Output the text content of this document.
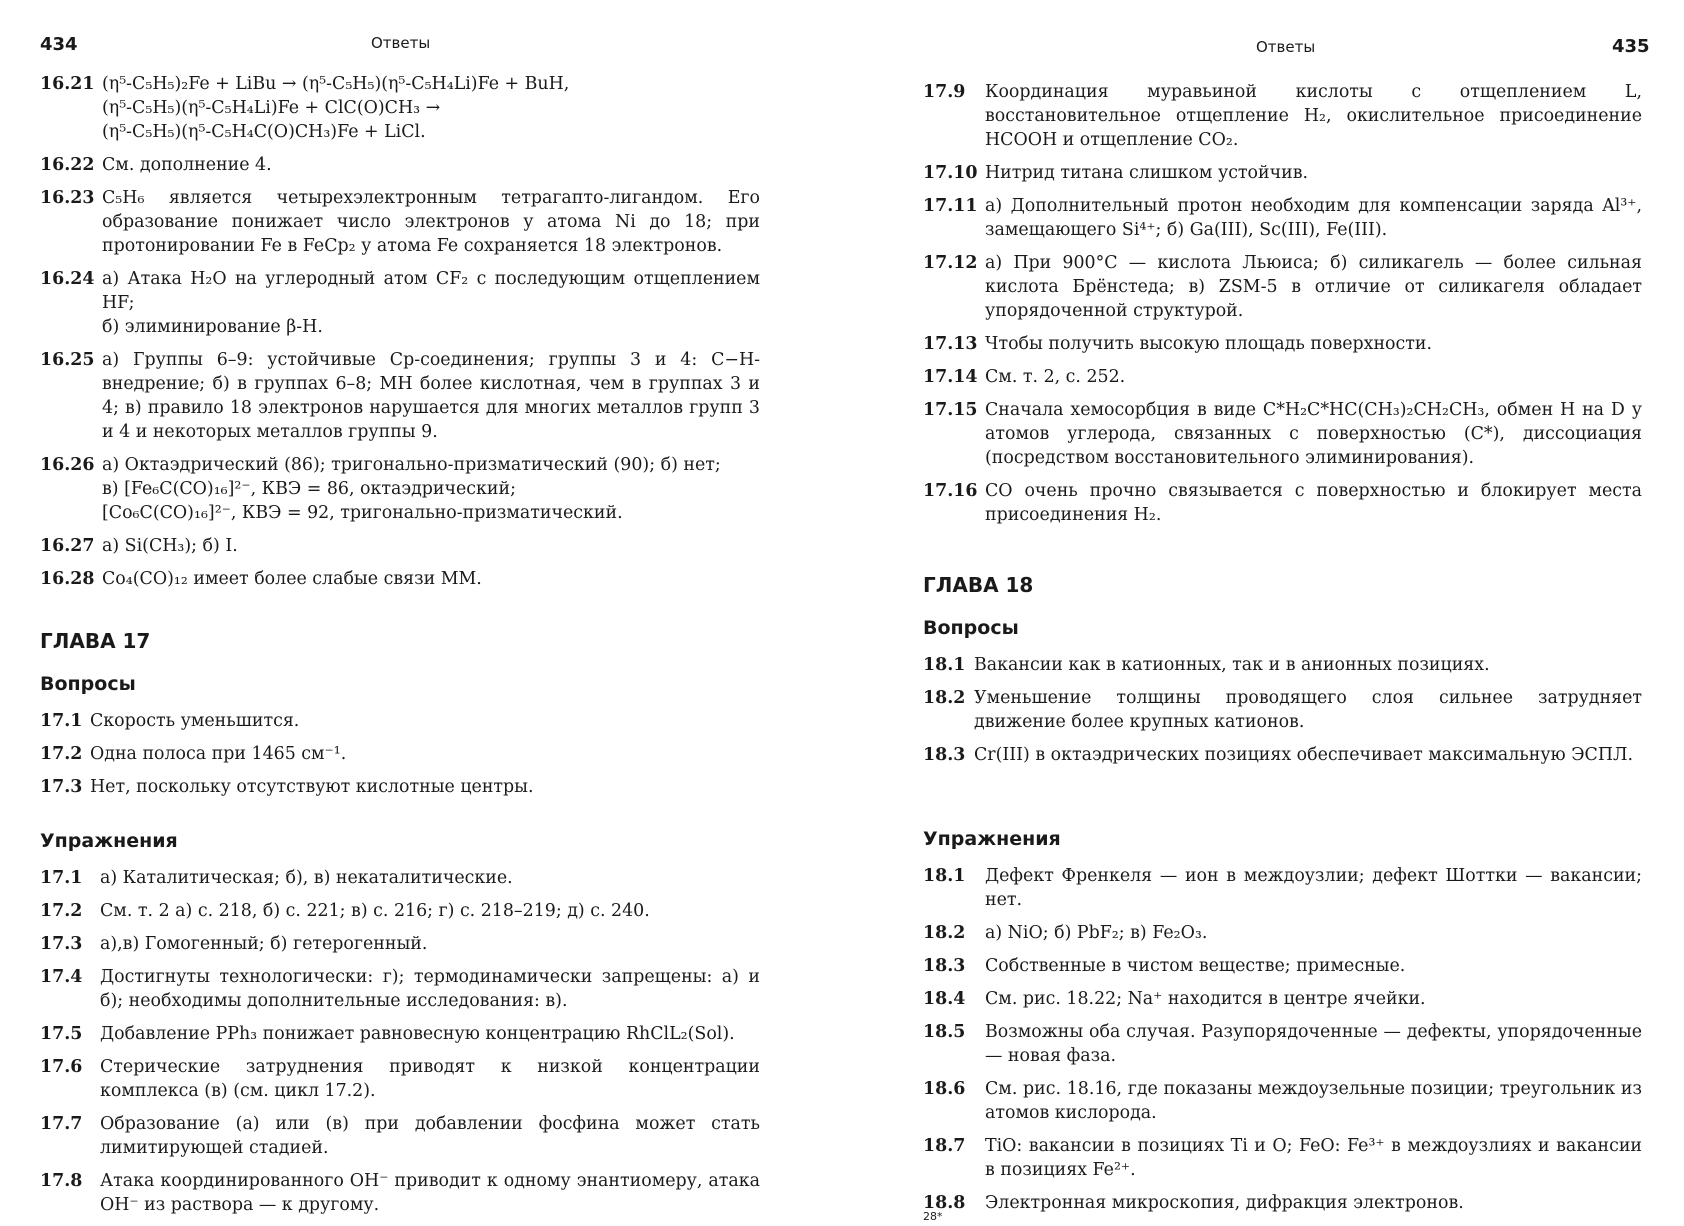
434	Ответы
16.21 (η⁵-C₅H₅)₂Fe + LiBu → (η⁵-C₅H₅)(η⁵-C₅H₄Li)Fe + BuH,
(η⁵-C₅H₅)(η⁵-C₅H₄Li)Fe + ClC(O)CH₃ →
(η⁵-C₅H₅)(η⁵-C₅H₄C(O)CH₃)Fe + LiCl.
16.22 См. дополнение 4.
16.23 C₅H₆ является четырехэлектронным тетрагапто-лигандом. Его образование понижает число электронов у атома Ni до 18; при протонировании Fe в FeCp₂ у атома Fe сохраняется 18 электронов.
16.24 а) Атака H₂O на углеродный атом CF₂ с последующим отщеплением HF;
б) элиминирование β-H.
16.25 а) Группы 6–9: устойчивые Cp-соединения; группы 3 и 4: C−H-внедрение; б) в группах 6–8; MH более кислотная, чем в группах 3 и 4; в) правило 18 электронов нарушается для многих металлов групп 3 и 4 и некоторых металлов группы 9.
16.26 а) Октаэдрический (86); тригонально-призматический (90); б) нет;
в) [Fe₆C(CO)₁₆]²⁻, КВЭ = 86, октаэдрический;
[Co₆C(CO)₁₆]²⁻, КВЭ = 92, тригонально-призматический.
16.27 а) Si(CH₃); б) I.
16.28 Co₄(CO)₁₂ имеет более слабые связи MM.
ГЛАВА 17
Вопросы
17.1 Скорость уменьшится.
17.2 Одна полоса при 1465 см⁻¹.
17.3 Нет, поскольку отсутствуют кислотные центры.
Упражнения
17.1	а) Каталитическая; б), в) некаталитические.
17.2	См. т. 2 а) с. 218, б) с. 221; в) с. 216; г) с. 218–219; д) с. 240.
17.3	а),в) Гомогенный; б) гетерогенный.
17.4	Достигнуты технологически: г); термодинамически запрещены: а) и б); необходимы дополнительные исследования: в).
17.5	Добавление PPh₃ понижает равновесную концентрацию RhClL₂(Sol).
17.6	Стерические затруднения приводят к низкой концентрации комплекса (в) (см. цикл 17.2).
17.7	Образование (а) или (в) при добавлении фосфина может стать лимитирующей стадией.
17.8	Атака координированного OH⁻ приводит к одному энантиомеру, атака OH⁻ из раствора — к другому.
Ответы	435
17.9	Координация муравьиной кислоты с отщеплением L, восстановительное отщепление H₂, окислительное присоединение HCOOH и отщепление CO₂.
17.10 Нитрид титана слишком устойчив.
17.11 а) Дополнительный протон необходим для компенсации заряда Al³⁺, замещающего Si⁴⁺; б) Ga(III), Sc(III), Fe(III).
17.12 а) При 900°C — кислота Льюиса; б) силикагель — более сильная кислота Брёнстеда; в) ZSM-5 в отличие от силикагеля обладает упорядоченной структурой.
17.13 Чтобы получить высокую площадь поверхности.
17.14 См. т. 2, с. 252.
17.15 Сначала хемосорбция в виде C*H₂C*HC(CH₃)₂CH₂CH₃, обмен H на D у атомов углерода, связанных с поверхностью (C*), диссоциация (посредством восстановительного элиминирования).
17.16 CO очень прочно связывается с поверхностью и блокирует места присоединения H₂.
ГЛАВА 18
Вопросы
18.1 Вакансии как в катионных, так и в анионных позициях.
18.2 Уменьшение толщины проводящего слоя сильнее затрудняет движение более крупных катионов.
18.3 Cr(III) в октаэдрических позициях обеспечивает максимальную ЭСПЛ.
Упражнения
18.1	Дефект Френкеля — ион в междоузлии; дефект Шоттки — вакансии; нет.
18.2	а) NiO; б) PbF₂; в) Fe₂O₃.
18.3	Собственные в чистом веществе; примесные.
18.4	См. рис. 18.22; Na⁺ находится в центре ячейки.
18.5	Возможны оба случая. Разупорядоченные — дефекты, упорядоченные — новая фаза.
18.6	См. рис. 18.16, где показаны междоузельные позиции; треугольник из атомов кислорода.
18.7	TiO: вакансии в позициях Ti и O; FeO: Fe³⁺ в междоузлиях и вакансии в позициях Fe²⁺.
18.8	Электронная микроскопия, дифракция электронов.
28*
